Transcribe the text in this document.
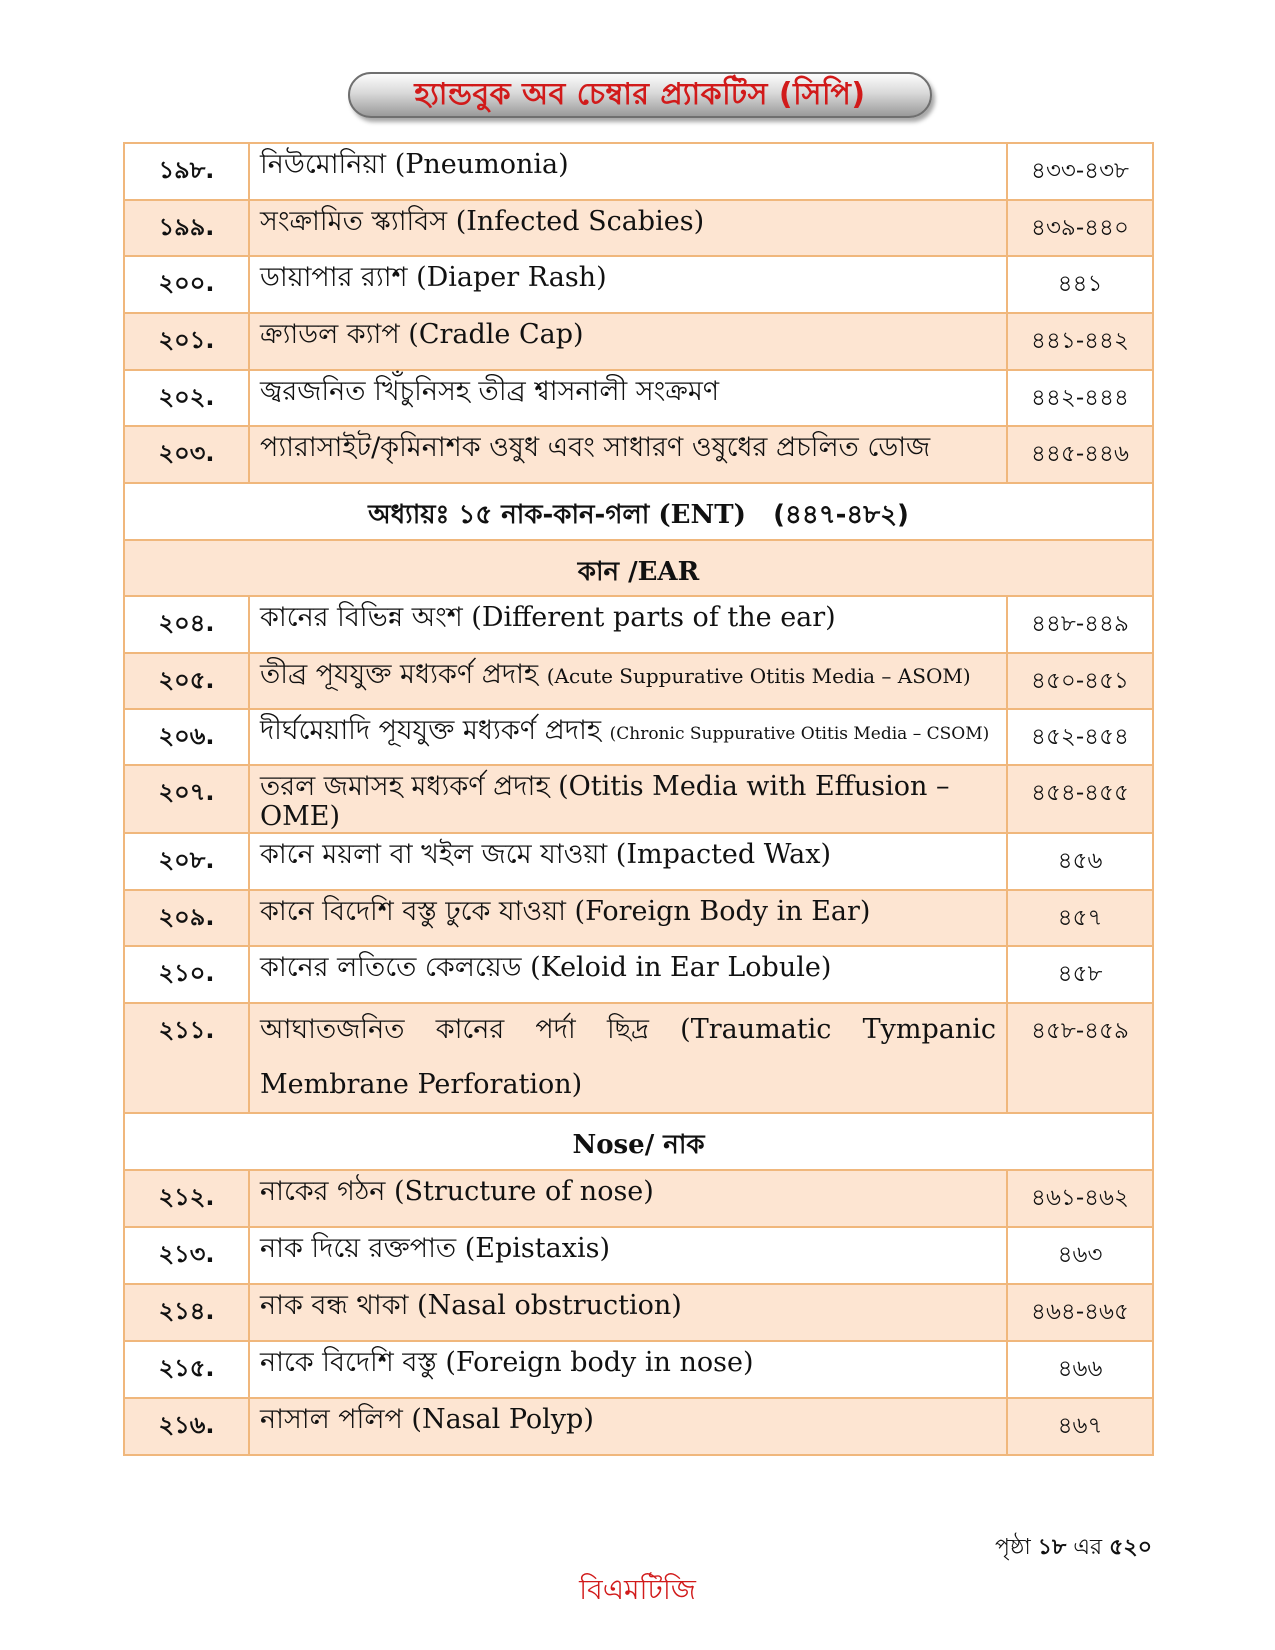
হ্যান্ডবুক অব চেম্বার প্র্যাকটিস (সিপি)
১৯৮.	নিউমোনিয়া (Pneumonia)	৪৩৩-৪৩৮
১৯৯.	সংক্রামিত স্ক্যাবিস (Infected Scabies)	৪৩৯-৪৪০
২০০.	ডায়াপার র‍্যাশ (Diaper Rash)	৪৪১
২০১.	ক্র্যাডল ক্যাপ (Cradle Cap)	৪৪১-৪৪২
২০২.	জ্বরজনিত খিঁচুনিসহ তীব্র শ্বাসনালী সংক্রমণ	৪৪২-৪৪৪
২০৩.	প্যারাসাইট/কৃমিনাশক ওষুধ এবং সাধারণ ওষুধের প্রচলিত ডোজ	৪৪৫-৪৪৬
অধ্যায়ঃ ১৫ নাক-কান-গলা (ENT) (৪৪৭-৪৮২)		
কান /EAR		
২০৪.	কানের বিভিন্ন অংশ (Different parts of the ear)	৪৪৮-৪৪৯
২০৫.	তীব্র পূযযুক্ত মধ্যকর্ণ প্রদাহ (Acute Suppurative Otitis Media – ASOM)	৪৫০-৪৫১
২০৬.	দীর্ঘমেয়াদি পূযযুক্ত মধ্যকর্ণ প্রদাহ (Chronic Suppurative Otitis Media – CSOM)	৪৫২-৪৫৪
২০৭.	তরল জমাসহ মধ্যকর্ণ প্রদাহ (Otitis Media with Effusion – OME)	৪৫৪-৪৫৫
২০৮.	কানে ময়লা বা খইল জমে যাওয়া (Impacted Wax)	৪৫৬
২০৯.	কানে বিদেশি বস্তু ঢুকে যাওয়া (Foreign Body in Ear)	৪৫৭
২১০.	কানের লতিতে কেলয়েড (Keloid in Ear Lobule)	৪৫৮
২১১.	আঘাতজনিত কানের পর্দা ছিদ্র (Traumatic Tympanic Membrane Perforation)	৪৫৮-৪৫৯
Nose/ নাক		
২১২.	নাকের গঠন (Structure of nose)	৪৬১-৪৬২
২১৩.	নাক দিয়ে রক্তপাত (Epistaxis)	৪৬৩
২১৪.	নাক বন্ধ থাকা (Nasal obstruction)	৪৬৪-৪৬৫
২১৫.	নাকে বিদেশি বস্তু (Foreign body in nose)	৪৬৬
২১৬.	নাসাল পলিপ (Nasal Polyp)	৪৬৭
পৃষ্ঠা ১৮ এর ৫২০
বিএমটিজি
